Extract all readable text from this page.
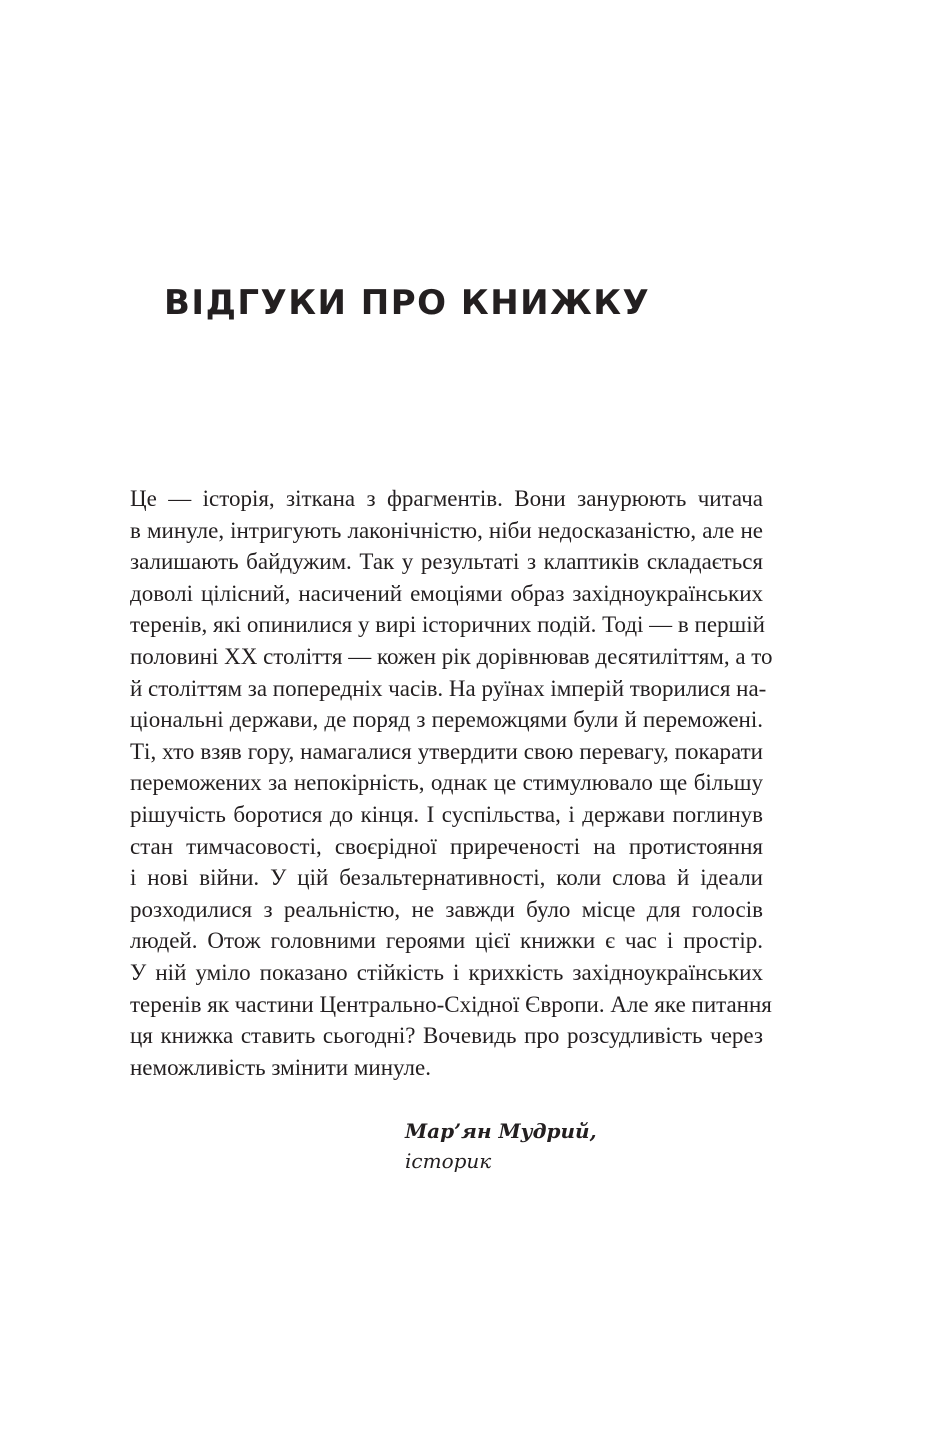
ВІДГУКИ ПРО КНИЖКУ
Це — історія, зіткана з фрагментів. Вони занурюють читача
в минуле, інтригують лаконічністю, ніби недосказаністю, але не
залишають байдужим. Так у результаті з клаптиків складається
доволі цілісний, насичений емоціями образ західноукраїнських
теренів, які опинилися у вирі історичних подій. Тоді — в першій
половині XX століття — кожен рік дорівнював десятиліттям, а то
й століттям за попередніх часів. На руїнах імперій творилися на-
ціональні держави, де поряд з переможцями були й переможені.
Ті, хто взяв гору, намагалися утвердити свою перевагу, покарати
переможених за непокірність, однак це стимулювало ще більшу
рішучість боротися до кінця. І суспільства, і держави поглинув
стан тимчасовості, своєрідної приреченості на протистояння
і нові війни. У цій безальтернативності, коли слова й ідеали
розходилися з реальністю, не завжди було місце для голосів
людей. Отож головними героями цієї книжки є час і простір.
У ній уміло показано стійкість і крихкість західноукраїнських
теренів як частини Центрально-Східної Європи. Але яке питання
ця книжка ставить сьогодні? Вочевидь про розсудливість через
неможливість змінити минуле.
Мар’ян Мудрий,
історик
